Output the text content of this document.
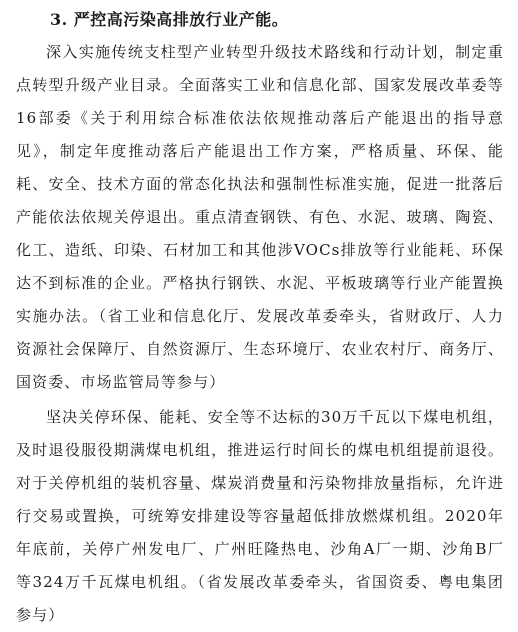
3. 严控高污染高排放行业产能。

深入实施传统支柱型产业转型升级技术路线和行动计划，制定重点转型升级产业目录。全面落实工业和信息化部、国家发展改革委等16部委《关于利用综合标准依法依规推动落后产能退出的指导意见》，制定年度推动落后产能退出工作方案，严格质量、环保、能耗、安全、技术方面的常态化执法和强制性标准实施，促进一批落后产能依法依规关停退出。重点清查钢铁、有色、水泥、玻璃、陶瓷、化工、造纸、印染、石材加工和其他涉VOCs排放等行业能耗、环保达不到标准的企业。严格执行钢铁、水泥、平板玻璃等行业产能置换实施办法。（省工业和信息化厅、发展改革委牵头，省财政厅、人力资源社会保障厅、自然资源厅、生态环境厅、农业农村厅、商务厅、国资委、市场监管局等参与）

坚决关停环保、能耗、安全等不达标的30万千瓦以下煤电机组，及时退役服役期满煤电机组，推进运行时间长的煤电机组提前退役。对于关停机组的装机容量、煤炭消费量和污染物排放量指标，允许进行交易或置换，可统筹安排建设等容量超低排放燃煤机组。2020年年底前，关停广州发电厂、广州旺隆热电、沙角A厂一期、沙角B厂等324万千瓦煤电机组。（省发展改革委牵头，省国资委、粤电集团参与）
